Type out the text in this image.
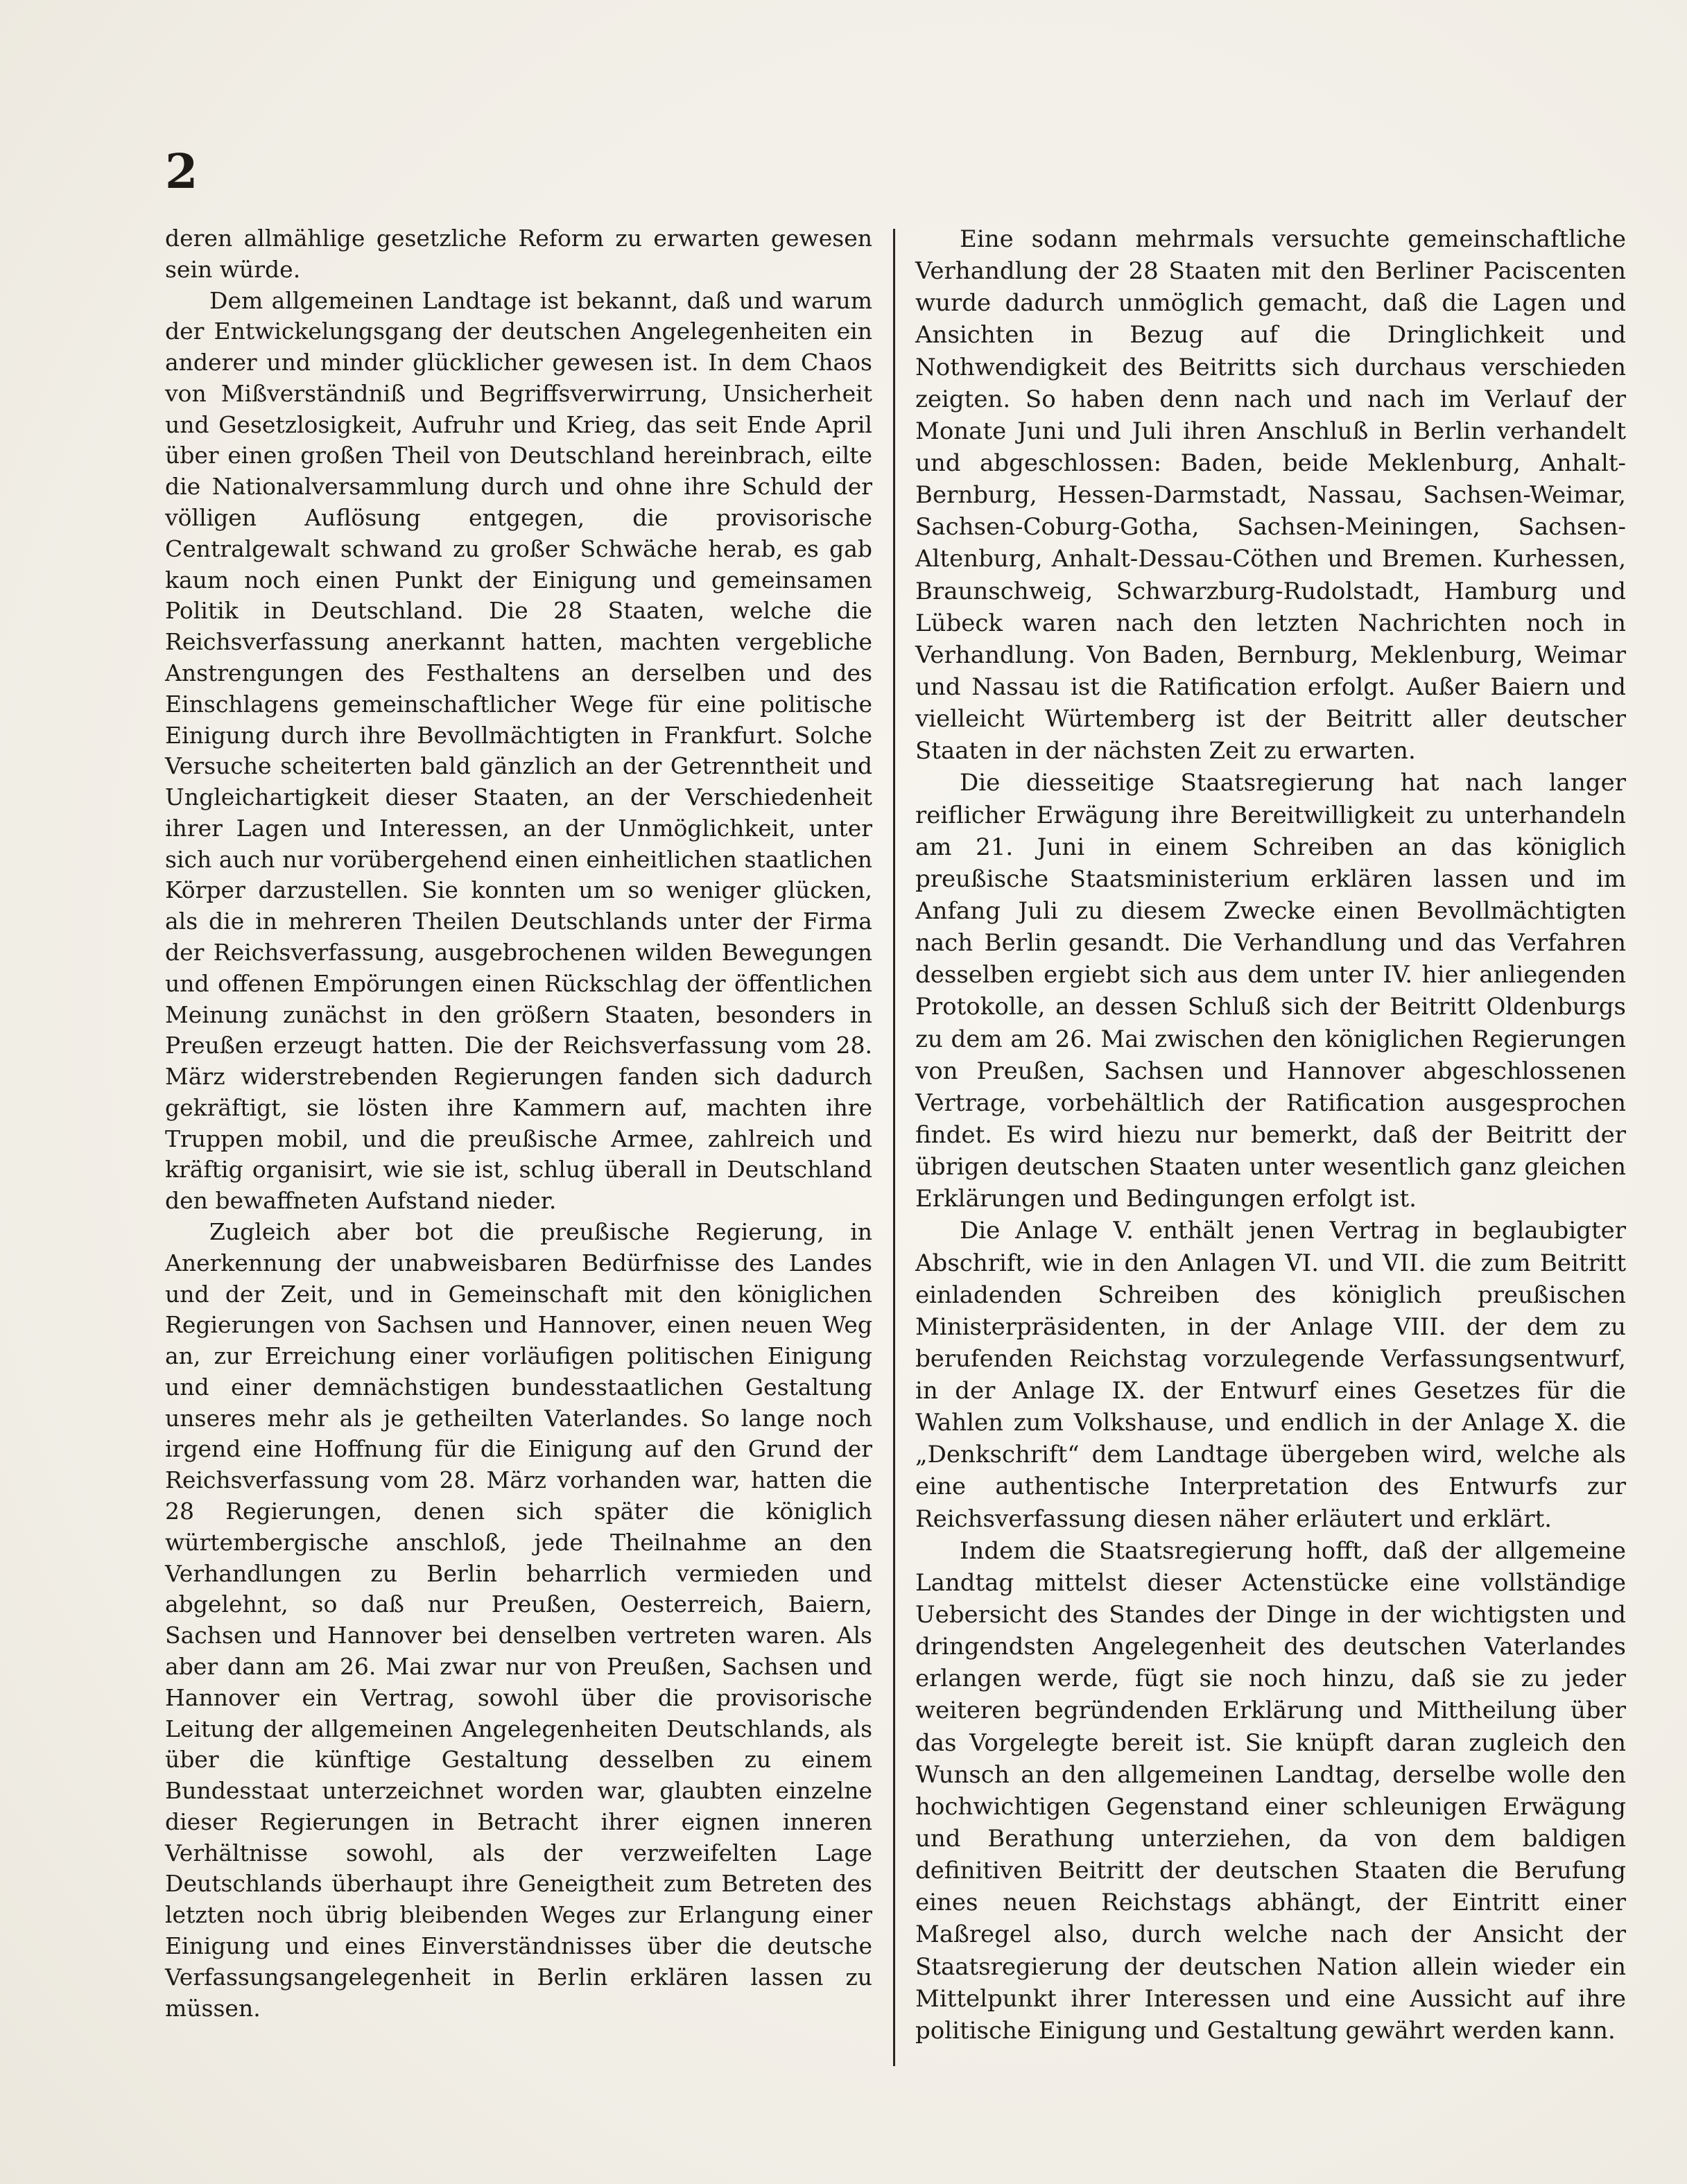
2

deren allmählige gesetzliche Reform zu erwarten gewesen sein würde.

Dem allgemeinen Landtage ist bekannt, daß und warum der Entwickelungsgang der deutschen Angelegenheiten ein anderer und minder glücklicher gewesen ist. In dem Chaos von Mißverständniß und Begriffsverwirrung, Unsicherheit und Gesetzlosigkeit, Aufruhr und Krieg, das seit Ende April über einen großen Theil von Deutschland hereinbrach, eilte die Nationalversammlung durch und ohne ihre Schuld der völligen Auflösung entgegen, die provisorische Centralgewalt schwand zu großer Schwäche herab, es gab kaum noch einen Punkt der Einigung und gemeinsamen Politik in Deutschland. Die 28 Staaten, welche die Reichsverfassung anerkannt hatten, machten vergebliche Anstrengungen des Festhaltens an derselben und des Einschlagens gemeinschaftlicher Wege für eine politische Einigung durch ihre Bevollmächtigten in Frankfurt. Solche Versuche scheiterten bald gänzlich an der Getrenntheit und Ungleichartigkeit dieser Staaten, an der Verschiedenheit ihrer Lagen und Interessen, an der Unmöglichkeit, unter sich auch nur vorübergehend einen einheitlichen staatlichen Körper darzustellen. Sie konnten um so weniger glücken, als die in mehreren Theilen Deutschlands unter der Firma der Reichsverfassung, ausgebrochenen wilden Bewegungen und offenen Empörungen einen Rückschlag der öffentlichen Meinung zunächst in den größern Staaten, besonders in Preußen erzeugt hatten. Die der Reichsverfassung vom 28. März widerstrebenden Regierungen fanden sich dadurch gekräftigt, sie lösten ihre Kammern auf, machten ihre Truppen mobil, und die preußische Armee, zahlreich und kräftig organisirt, wie sie ist, schlug überall in Deutschland den bewaffneten Aufstand nieder.

Zugleich aber bot die preußische Regierung, in Anerkennung der unabweisbaren Bedürfnisse des Landes und der Zeit, und in Gemeinschaft mit den königlichen Regierungen von Sachsen und Hannover, einen neuen Weg an, zur Erreichung einer vorläufigen politischen Einigung und einer demnächstigen bundesstaatlichen Gestaltung unseres mehr als je getheilten Vaterlandes. So lange noch irgend eine Hoffnung für die Einigung auf den Grund der Reichsverfassung vom 28. März vorhanden war, hatten die 28 Regierungen, denen sich später die königlich würtembergische anschloß, jede Theilnahme an den Verhandlungen zu Berlin beharrlich vermieden und abgelehnt, so daß nur Preußen, Oesterreich, Baiern, Sachsen und Hannover bei denselben vertreten waren. Als aber dann am 26. Mai zwar nur von Preußen, Sachsen und Hannover ein Vertrag, sowohl über die provisorische Leitung der allgemeinen Angelegenheiten Deutschlands, als über die künftige Gestaltung desselben zu einem Bundesstaat unterzeichnet worden war, glaubten einzelne dieser Regierungen in Betracht ihrer eignen inneren Verhältnisse sowohl, als der verzweifelten Lage Deutschlands überhaupt ihre Geneigtheit zum Betreten des letzten noch übrig bleibenden Weges zur Erlangung einer Einigung und eines Einverständnisses über die deutsche Verfassungsangelegenheit in Berlin erklären lassen zu müssen.

Eine sodann mehrmals versuchte gemeinschaftliche Verhandlung der 28 Staaten mit den Berliner Paciscenten wurde dadurch unmöglich gemacht, daß die Lagen und Ansichten in Bezug auf die Dringlichkeit und Nothwendigkeit des Beitritts sich durchaus verschieden zeigten. So haben denn nach und nach im Verlauf der Monate Juni und Juli ihren Anschluß in Berlin verhandelt und abgeschlossen: Baden, beide Meklenburg, Anhalt-Bernburg, Hessen-Darmstadt, Nassau, Sachsen-Weimar, Sachsen-Coburg-Gotha, Sachsen-Meiningen, Sachsen-Altenburg, Anhalt-Dessau-Cöthen und Bremen. Kurhessen, Braunschweig, Schwarzburg-Rudolstadt, Hamburg und Lübeck waren nach den letzten Nachrichten noch in Verhandlung. Von Baden, Bernburg, Meklenburg, Weimar und Nassau ist die Ratification erfolgt. Außer Baiern und vielleicht Würtemberg ist der Beitritt aller deutscher Staaten in der nächsten Zeit zu erwarten.

Die diesseitige Staatsregierung hat nach langer reiflicher Erwägung ihre Bereitwilligkeit zu unterhandeln am 21. Juni in einem Schreiben an das königlich preußische Staatsministerium erklären lassen und im Anfang Juli zu diesem Zwecke einen Bevollmächtigten nach Berlin gesandt. Die Verhandlung und das Verfahren desselben ergiebt sich aus dem unter IV. hier anliegenden Protokolle, an dessen Schluß sich der Beitritt Oldenburgs zu dem am 26. Mai zwischen den königlichen Regierungen von Preußen, Sachsen und Hannover abgeschlossenen Vertrage, vorbehältlich der Ratification ausgesprochen findet. Es wird hiezu nur bemerkt, daß der Beitritt der übrigen deutschen Staaten unter wesentlich ganz gleichen Erklärungen und Bedingungen erfolgt ist.

Die Anlage V. enthält jenen Vertrag in beglaubigter Abschrift, wie in den Anlagen VI. und VII. die zum Beitritt einladenden Schreiben des königlich preußischen Ministerpräsidenten, in der Anlage VIII. der dem zu berufenden Reichstag vorzulegende Verfassungsentwurf, in der Anlage IX. der Entwurf eines Gesetzes für die Wahlen zum Volkshause, und endlich in der Anlage X. die „Denkschrift“ dem Landtage übergeben wird, welche als eine authentische Interpretation des Entwurfs zur Reichsverfassung diesen näher erläutert und erklärt.

Indem die Staatsregierung hofft, daß der allgemeine Landtag mittelst dieser Actenstücke eine vollständige Uebersicht des Standes der Dinge in der wichtigsten und dringendsten Angelegenheit des deutschen Vaterlandes erlangen werde, fügt sie noch hinzu, daß sie zu jeder weiteren begründenden Erklärung und Mittheilung über das Vorgelegte bereit ist. Sie knüpft daran zugleich den Wunsch an den allgemeinen Landtag, derselbe wolle den hochwichtigen Gegenstand einer schleunigen Erwägung und Berathung unterziehen, da von dem baldigen definitiven Beitritt der deutschen Staaten die Berufung eines neuen Reichstags abhängt, der Eintritt einer Maßregel also, durch welche nach der Ansicht der Staatsregierung der deutschen Nation allein wieder ein Mittelpunkt ihrer Interessen und eine Aussicht auf ihre politische Einigung und Gestaltung gewährt werden kann.
